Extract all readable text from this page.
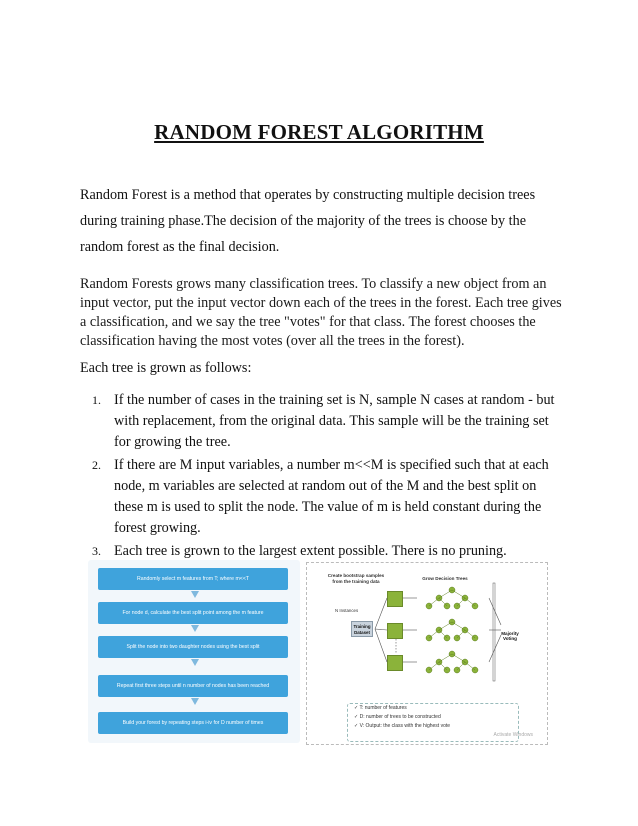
RANDOM FOREST ALGORITHM
Random Forest is a method that operates by constructing multiple decision trees during training phase.The decision of the majority of the trees is choose by the random forest as the final decision.
Random Forests grows many classification trees. To classify a new object from an input vector, put the input vector down each of the trees in the forest. Each tree gives a classification, and we say the tree "votes" for that class. The forest chooses the classification having the most votes (over all the trees in the forest).
Each tree is grown as follows:
1. If the number of cases in the training set is N, sample N cases at random - but with replacement, from the original data. This sample will be the training set for growing the tree.
2. If there are M input variables, a number m<<M is specified such that at each node, m variables are selected at random out of the M and the best split on these m is used to split the node. The value of m is held constant during the forest growing.
3. Each tree is grown to the largest extent possible. There is no pruning.
Randomly select m features from T; where m<<T
For node d, calculate the best split point among the m feature
Split the node into two daughter nodes using the best split
Repeat first three steps until n number of nodes has been reached
Build your forest by repeating steps i-iv for D number of times
Create bootstrap samples from the training data	Grow Decision Trees
N Instances
Training Dataset	Majority Voting
✓ T: number of features
✓ D: number of trees to be constructed
✓ V: Output: the class with the highest vote
Activate Windows
